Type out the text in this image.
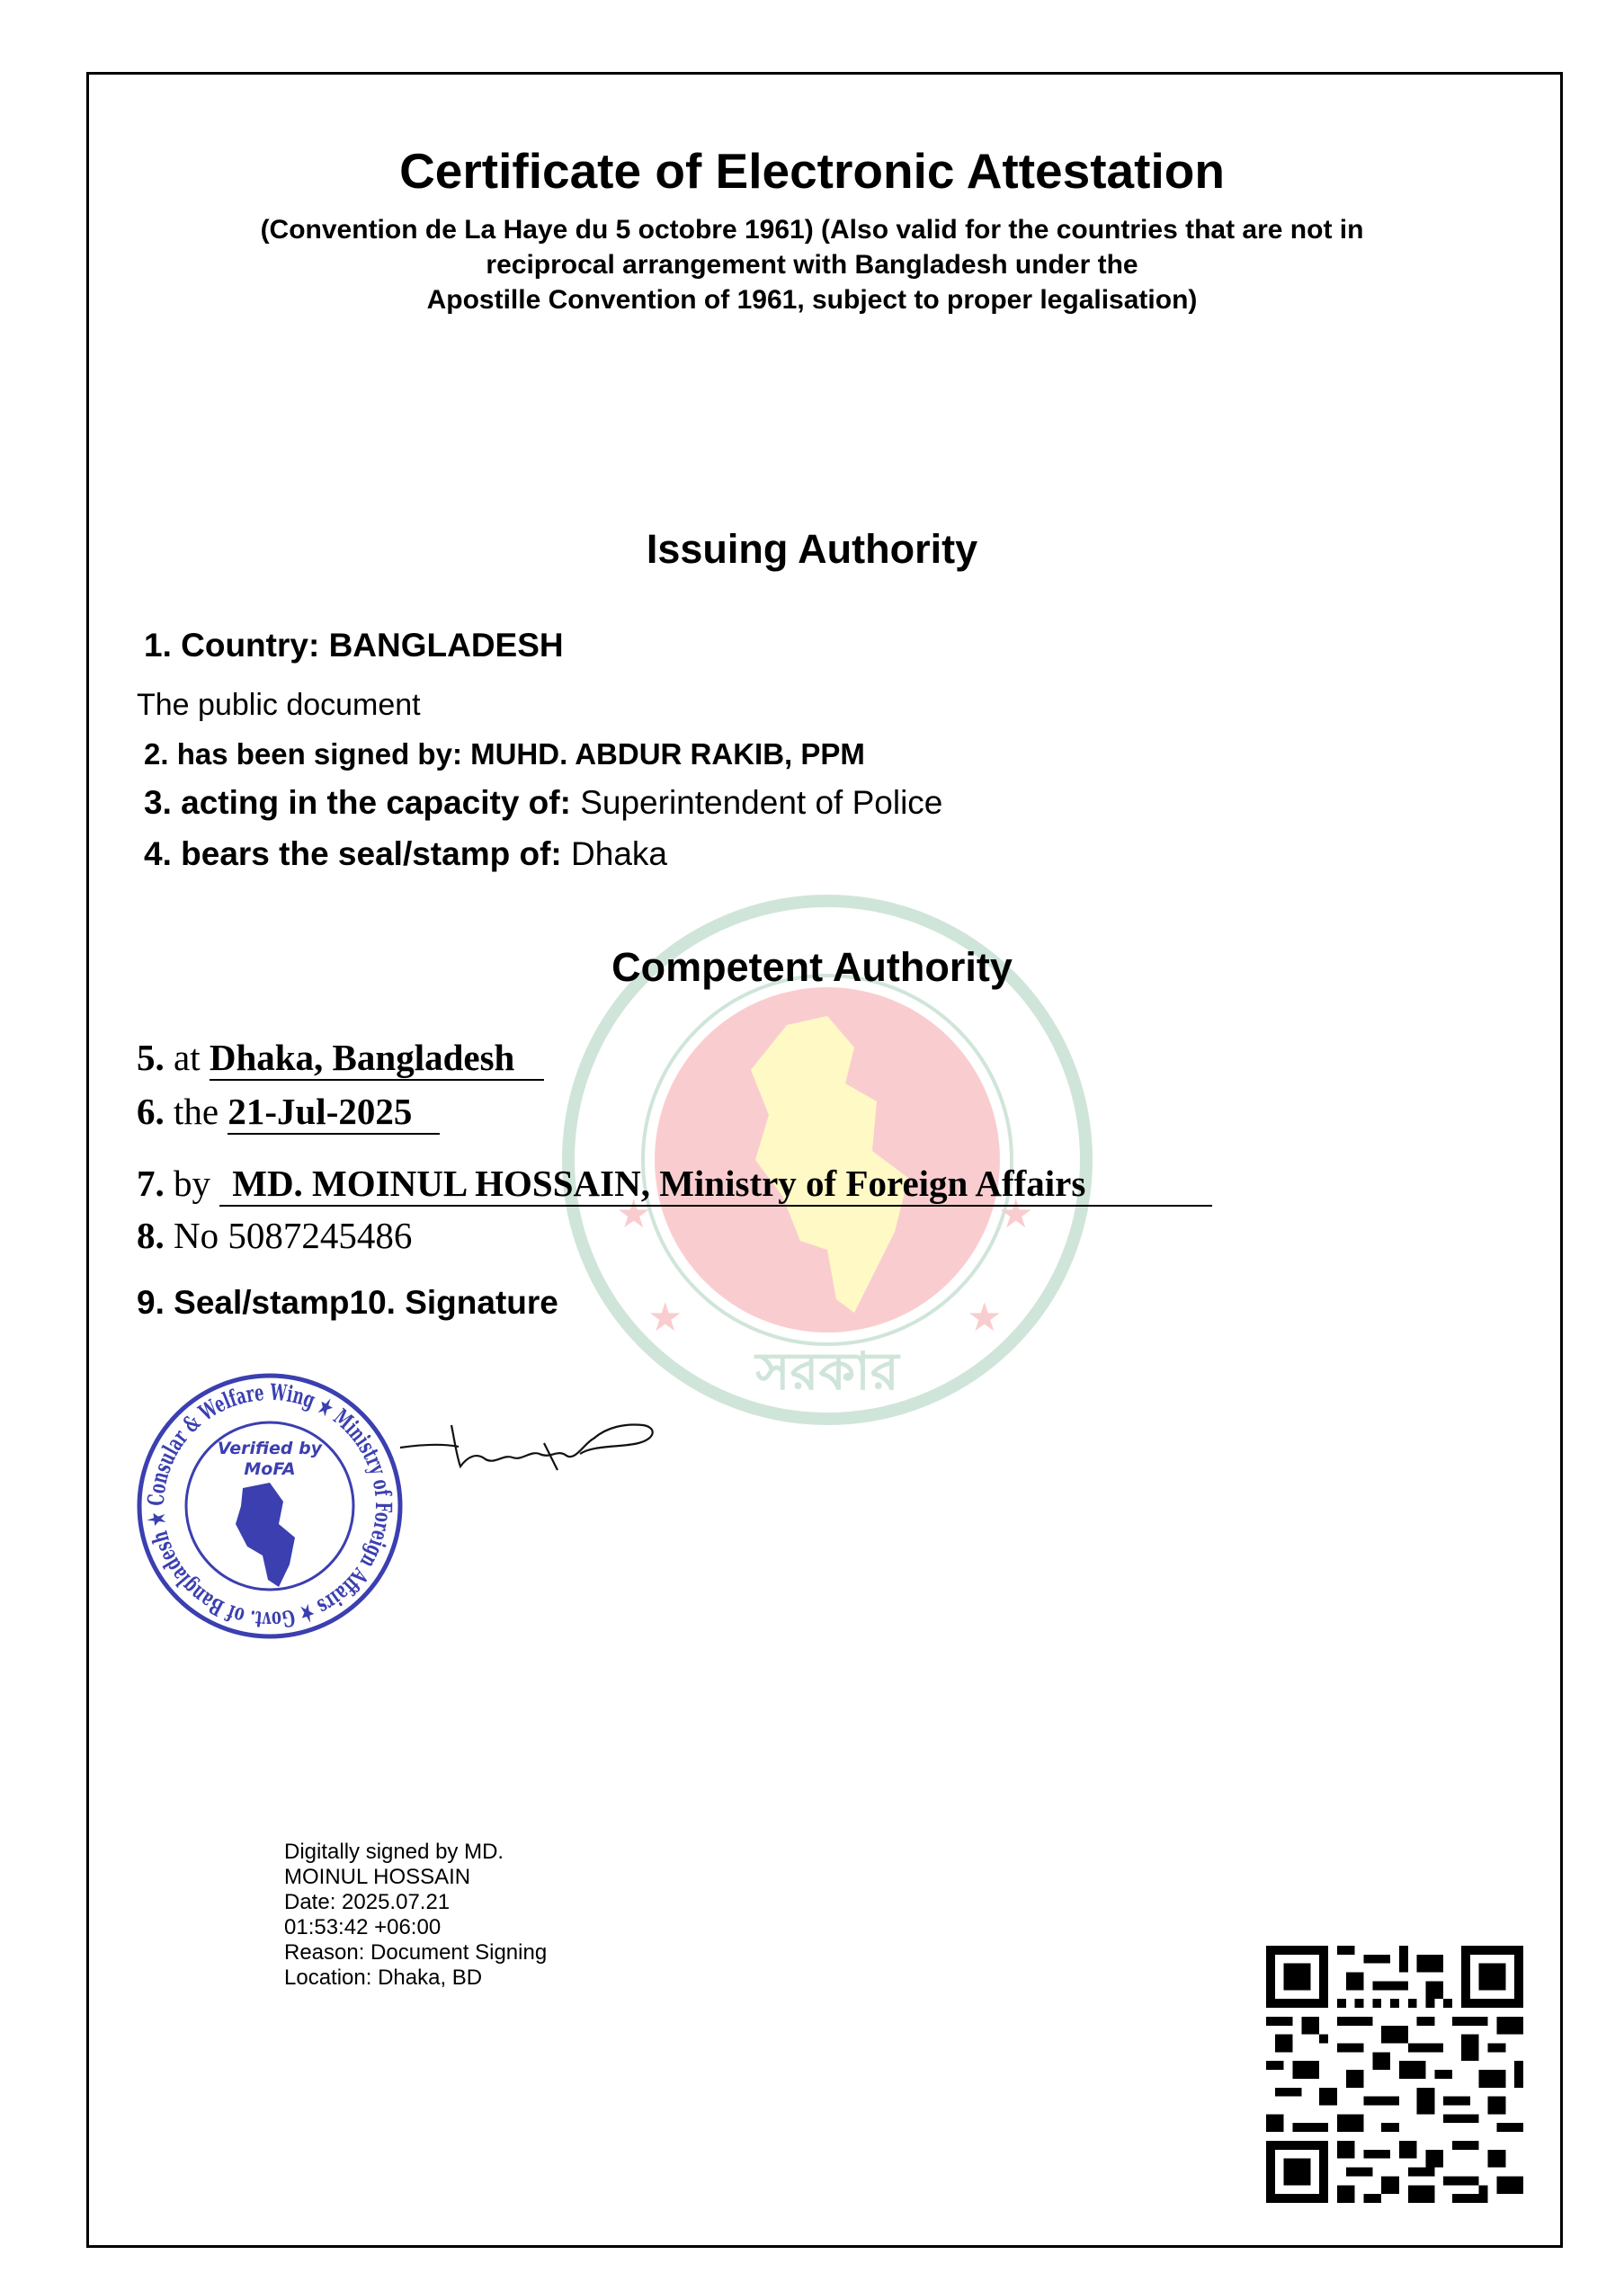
★	★
★	★
সরকার
Certificate of Electronic Attestation
(Convention de La Haye du 5 octobre 1961) (Also valid for the countries that are not in
reciprocal arrangement with Bangladesh under the
Apostille Convention of 1961, subject to proper legalisation)
Issuing Authority
1. Country: BANGLADESH
The public document
2. has been signed by: MUHD. ABDUR RAKIB, PPM
3. acting in the capacity of: Superintendent of Police
4. bears the seal/stamp of: Dhaka
Competent Authority
5. at Dhaka, Bangladesh
6. the 21-Jul-2025
7. by MD. MOINUL HOSSAIN, Ministry of Foreign Affairs
8. No 5087245486
9. Seal/stamp10. Signature
Consular & Welfare Wing ★ Ministry of Foreign Affairs ★ Govt. of Bangladesh ★
Verified by
MoFA
Digitally signed by MD.
MOINUL HOSSAIN
Date: 2025.07.21
01:53:42 +06:00
Reason: Document Signing
Location: Dhaka, BD
